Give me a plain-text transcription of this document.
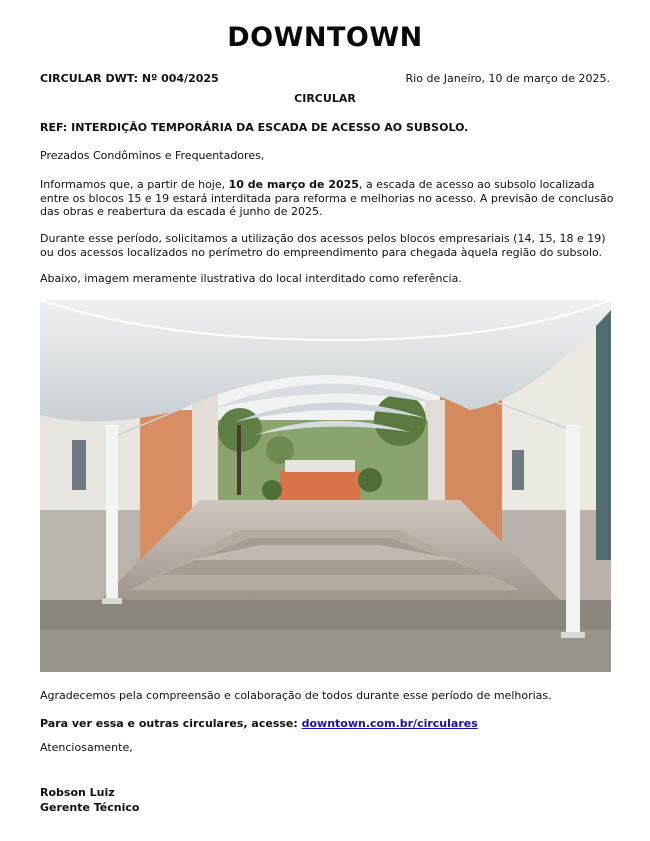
DOWNTOWN
CIRCULAR DWT: Nº 004/2025	Rio de Janeiro, 10 de março de 2025.
CIRCULAR
REF: INTERDIÇÃO TEMPORÁRIA DA ESCADA DE ACESSO AO SUBSOLO.
Prezados Condôminos e Frequentadores,
Informamos que, a partir de hoje, 10 de março de 2025, a escada de acesso ao subsolo localizada entre os blocos 15 e 19 estará interditada para reforma e melhorias no acesso. A previsão de conclusão das obras e reabertura da escada é junho de 2025.
Durante esse período, solicitamos a utilização dos acessos pelos blocos empresariais (14, 15, 18 e 19) ou dos acessos localizados no perímetro do empreendimento para chegada àquela região do subsolo.
Abaixo, imagem meramente ilustrativa do local interditado como referência.
Agradecemos pela compreensão e colaboração de todos durante esse período de melhorias.
Para ver essa e outras circulares, acesse: downtown.com.br/circulares
Atenciosamente,
Robson Luiz
Gerente Técnico
